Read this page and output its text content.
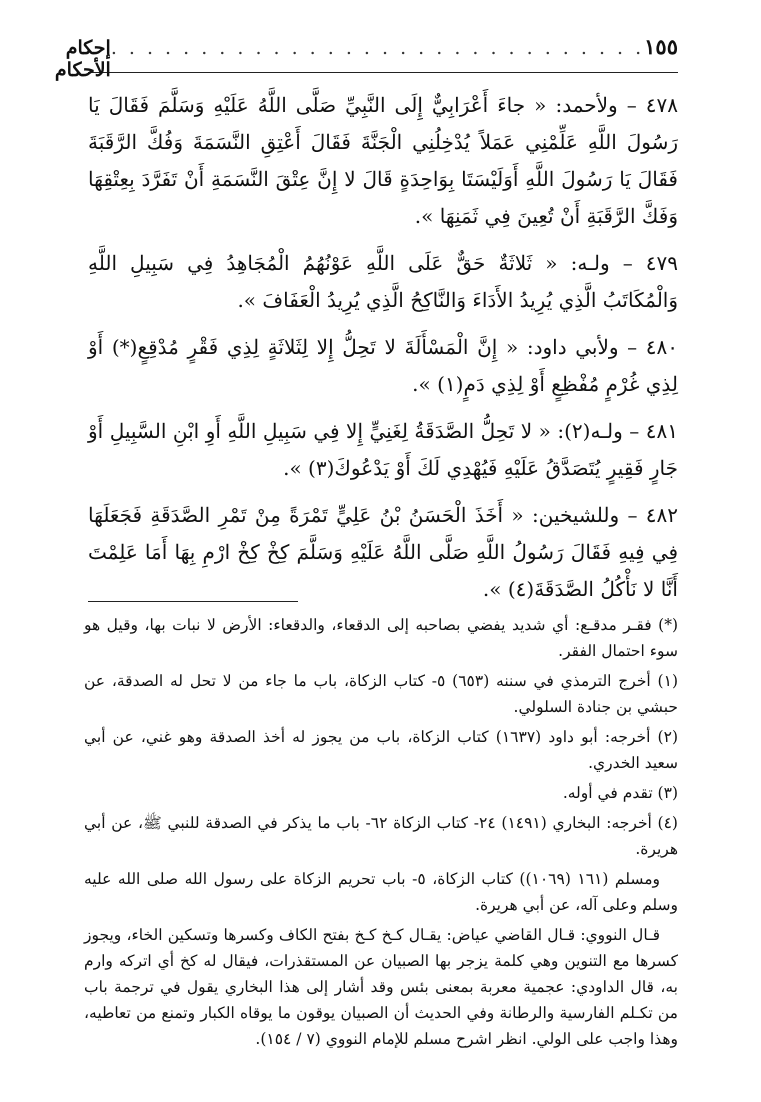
١٥٥
. . . . . . . . . . . . . . . . . . . . . . . . . . . . . .
إحكام الأحكام

٤٧٨ – ولأحمد: « جاءَ أَعْرَابِيٌّ إِلَى النَّبِيِّ صَلَّى اللَّهُ عَلَيْهِ وَسَلَّمَ فَقَالَ يَا رَسُولَ اللَّهِ عَلِّمْنِي عَمَلاً يُدْخِلُنِي الْجَنَّةَ فَقَالَ أَعْتِقِ النَّسَمَةَ وَفُكَّ الرَّقَبَةَ فَقَالَ يَا رَسُولَ اللَّهِ أَوَلَيْسَتَا بِوَاحِدَةٍ قَالَ لا إِنَّ عِتْقَ النَّسَمَةِ أَنْ تَفَرَّدَ بِعِتْقِهَا وَفَكَّ الرَّقَبَةِ أَنْ تُعِينَ فِي ثَمَنِهَا ».

٤٧٩ – ولـه: « ثَلاثَةٌ حَقٌّ عَلَى اللَّهِ عَوْنُهُمُ الْمُجَاهِدُ فِي سَبِيلِ اللَّهِ وَالْمُكَاتَبُ الَّذِي يُرِيدُ الأَدَاءَ وَالنَّاكِحُ الَّذِي يُرِيدُ الْعَفَافَ ».

٤٨٠ – ولأبي داود: « إِنَّ الْمَسْأَلَةَ لا تَحِلُّ إِلا لِثَلاثَةٍ لِذِي فَقْرٍ مُدْقِعٍ(*) أَوْ لِذِي غُرْمٍ مُفْظِعٍ أَوْ لِذِي دَمٍ(١) ».

٤٨١ – ولـه(٢): « لا تَحِلُّ الصَّدَقَةُ لِغَنِيٍّ إِلا فِي سَبِيلِ اللَّهِ أَوِ ابْنِ السَّبِيلِ أَوْ جَارٍ فَقِيرٍ يُتَصَدَّقُ عَلَيْهِ فَيُهْدِي لَكَ أَوْ يَدْعُوكَ(٣) ».

٤٨٢ – وللشيخين: « أَخَذَ الْحَسَنُ بْنُ عَلِيٍّ تَمْرَةً مِنْ تَمْرِ الصَّدَقَةِ فَجَعَلَهَا فِي فِيهِ فَقَالَ رَسُولُ اللَّهِ صَلَّى اللَّهُ عَلَيْهِ وَسَلَّمَ كِخْ كِخْ ارْمِ بِهَا أَمَا عَلِمْتَ أَنَّا لا نَأْكُلُ الصَّدَقَةَ(٤) ».

(*) فقـر مدقـع: أي شديد يفضي بصاحبه إلى الدقعاء، والدقعاء: الأرض لا نبات بها، وقيل هو سوء احتمال الفقر.

(١) أخرج الترمذي في سننه (٦٥٣) ٥- كتاب الزكاة، باب ما جاء من لا تحل له الصدقة، عن حبشي بن جنادة السلولي.

(٢) أخرجه: أبو داود (١٦٣٧) كتاب الزكاة، باب من يجوز له أخذ الصدقة وهو غني، عن أبي سعيد الخدري.

(٣) تقدم في أوله.

(٤) أخرجه: البخاري (١٤٩١) ٢٤- كتاب الزكاة ٦٢- باب ما يذكر في الصدقة للنبي ﷺ، عن أبي هريرة.

ومسلم (١٦١ (١٠٦٩)) كتاب الزكاة، ٥- باب تحريم الزكاة على رسول الله صلى الله عليه وسلم وعلى آله، عن أبي هريرة.

قـال النووي: قـال القاضي عياض: يقـال كـخ كـخ بفتح الكاف وكسرها وتسكين الخاء، ويجوز كسرها مع التنوين وهي كلمة يزجر بها الصبيان عن المستقذرات، فيقال له كخ أي اتركه وارم به، قال الداودي: عجمية معربة بمعنى بئس وقد أشار إلى هذا البخاري يقول في ترجمة باب من تكـلم الفارسية والرطانة وفي الحديث أن الصبيان يوقون ما يوقاه الكبار وتمنع من تعاطيه، وهذا واجب على الولي. انظر اشرح مسلم للإمام النووي (٧ / ١٥٤).
